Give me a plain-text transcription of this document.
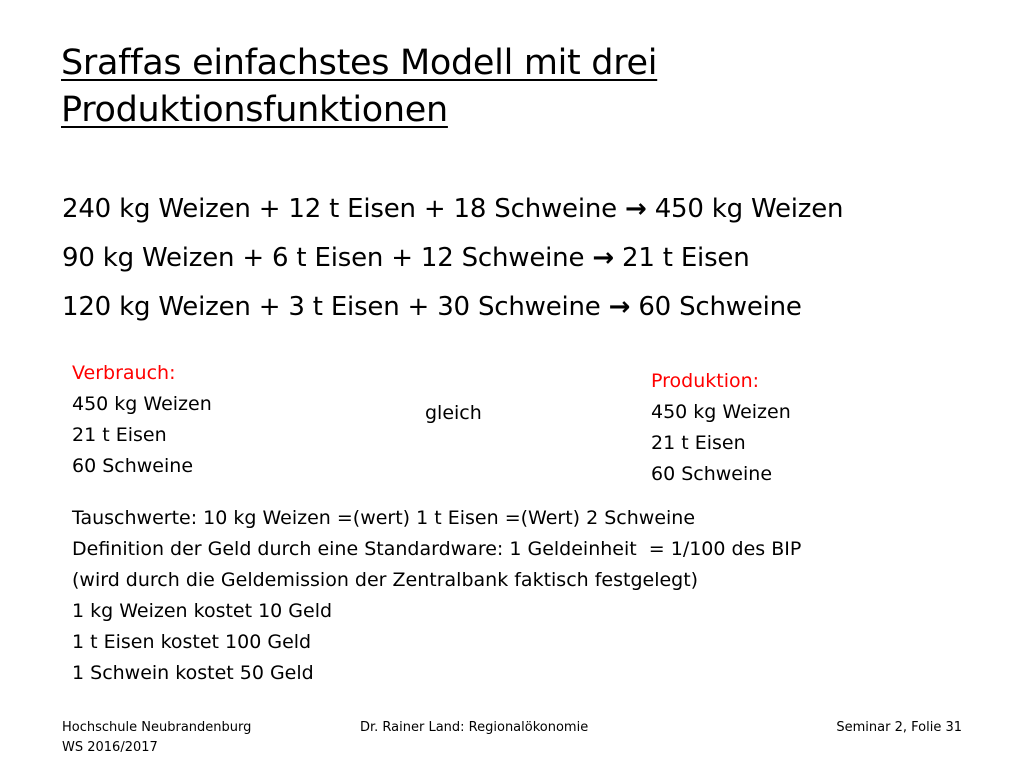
Sraffas einfachstes Modell mit drei
Produktionsfunktionen
240 kg Weizen + 12 t Eisen + 18 Schweine → 450 kg Weizen
90 kg Weizen + 6 t Eisen + 12 Schweine → 21 t Eisen
120 kg Weizen + 3 t Eisen + 30 Schweine → 60 Schweine
Verbrauch:
450 kg Weizen
21 t Eisen
60 Schweine
gleich
Produktion:
450 kg Weizen
21 t Eisen
60 Schweine
Tauschwerte: 10 kg Weizen =(wert) 1 t Eisen =(Wert) 2 Schweine
Definition der Geld durch eine Standardware: 1 Geldeinheit  = 1/100 des BIP
(wird durch die Geldemission der Zentralbank faktisch festgelegt)
1 kg Weizen kostet 10 Geld
1 t Eisen kostet 100 Geld
1 Schwein kostet 50 Geld
Hochschule Neubrandenburg
WS 2016/2017
Dr. Rainer Land: Regionalökonomie	Seminar 2, Folie 31
